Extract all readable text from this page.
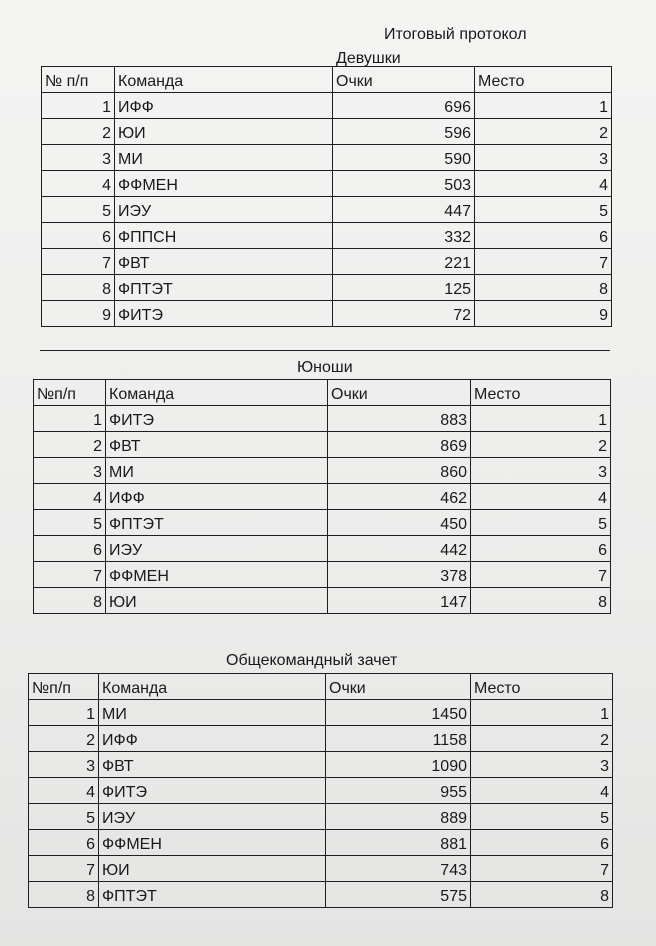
Итоговый протокол
Девушки
№ п/п	Команда	Очки	Место
1	ИФФ	696	1
2	ЮИ	596	2
3	МИ	590	3
4	ФФМЕН	503	4
5	ИЭУ	447	5
6	ФППСН	332	6
7	ФВТ	221	7
8	ФПТЭТ	125	8
9	ФИТЭ	72	9
Юноши
№п/п	Команда	Очки	Место
1	ФИТЭ	883	1
2	ФВТ	869	2
3	МИ	860	3
4	ИФФ	462	4
5	ФПТЭТ	450	5
6	ИЭУ	442	6
7	ФФМЕН	378	7
8	ЮИ	147	8
Общекомандный зачет
№п/п	Команда	Очки	Место
1	МИ	1450	1
2	ИФФ	1158	2
3	ФВТ	1090	3
4	ФИТЭ	955	4
5	ИЭУ	889	5
6	ФФМЕН	881	6
7	ЮИ	743	7
8	ФПТЭТ	575	8
